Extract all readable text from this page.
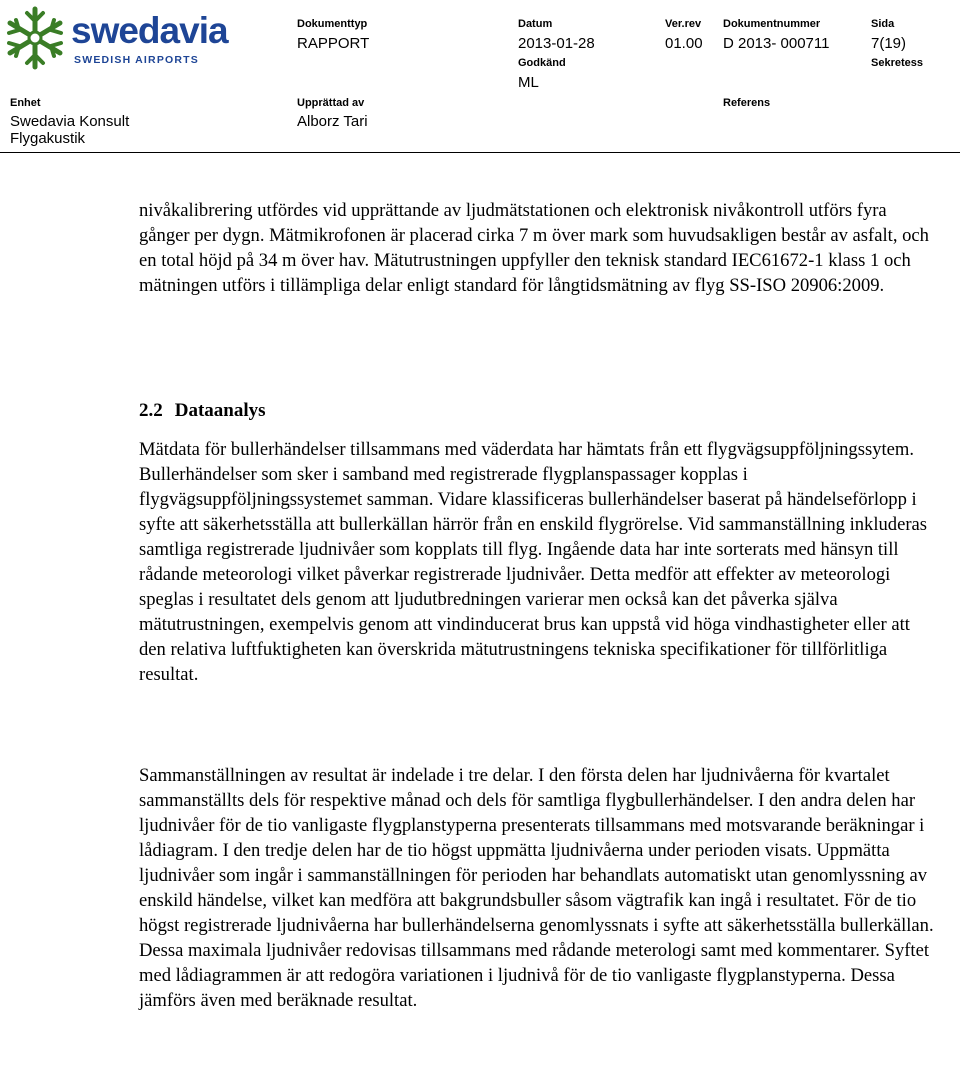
swedavia
SWEDISH AIRPORTS
Dokumenttyp
RAPPORT
Datum
2013-01-28
Ver.rev
01.00
Dokumentnummer
D 2013- 000711
Sida
7(19)
Godkänd
ML
Sekretess
Enhet
Swedavia Konsult
Flygakustik
Upprättad av
Alborz Tari
Referens

nivåkalibrering utfördes vid upprättande av ljudmätstationen och elektronisk nivåkontroll utförs fyra gånger per dygn. Mätmikrofonen är placerad cirka 7 m över mark som huvudsakligen består av asfalt, och en total höjd på 34 m över hav. Mätutrustningen uppfyller den teknisk standard IEC61672-1 klass 1 och mätningen utförs i tillämpliga delar enligt standard för långtidsmätning av flyg SS-ISO 20906:2009.

2.2 Dataanalys

Mätdata för bullerhändelser tillsammans med väderdata har hämtats från ett flygvägsuppföljningssytem. Bullerhändelser som sker i samband med registrerade flygplanspassager kopplas i flygvägsuppföljningssystemet samman. Vidare klassificeras bullerhändelser baserat på händelseförlopp i syfte att säkerhetsställa att bullerkällan härrör från en enskild flygrörelse. Vid sammanställning inkluderas samtliga registrerade ljudnivåer som kopplats till flyg. Ingående data har inte sorterats med hänsyn till rådande meteorologi vilket påverkar registrerade ljudnivåer. Detta medför att effekter av meteorologi speglas i resultatet dels genom att ljudutbredningen varierar men också kan det påverka själva mätutrustningen, exempelvis genom att vindinducerat brus kan uppstå vid höga vindhastigheter eller att den relativa luftfuktigheten kan överskrida mätutrustningens tekniska specifikationer för tillförlitliga resultat.

Sammanställningen av resultat är indelade i tre delar. I den första delen har ljudnivåerna för kvartalet sammanställts dels för respektive månad och dels för samtliga flygbullerhändelser. I den andra delen har ljudnivåer för de tio vanligaste flygplanstyperna presenterats tillsammans med motsvarande beräkningar i lådiagram. I den tredje delen har de tio högst uppmätta ljudnivåerna under perioden visats. Uppmätta ljudnivåer som ingår i sammanställningen för perioden har behandlats automatiskt utan genomlyssning av enskild händelse, vilket kan medföra att bakgrundsbuller såsom vägtrafik kan ingå i resultatet. För de tio högst registrerade ljudnivåerna har bullerhändelserna genomlyssnats i syfte att säkerhetsställa bullerkällan. Dessa maximala ljudnivåer redovisas tillsammans med rådande meterologi samt med kommentarer. Syftet med lådiagrammen är att redogöra variationen i ljudnivå för de tio vanligaste flygplanstyperna. Dessa jämförs även med beräknade resultat.
